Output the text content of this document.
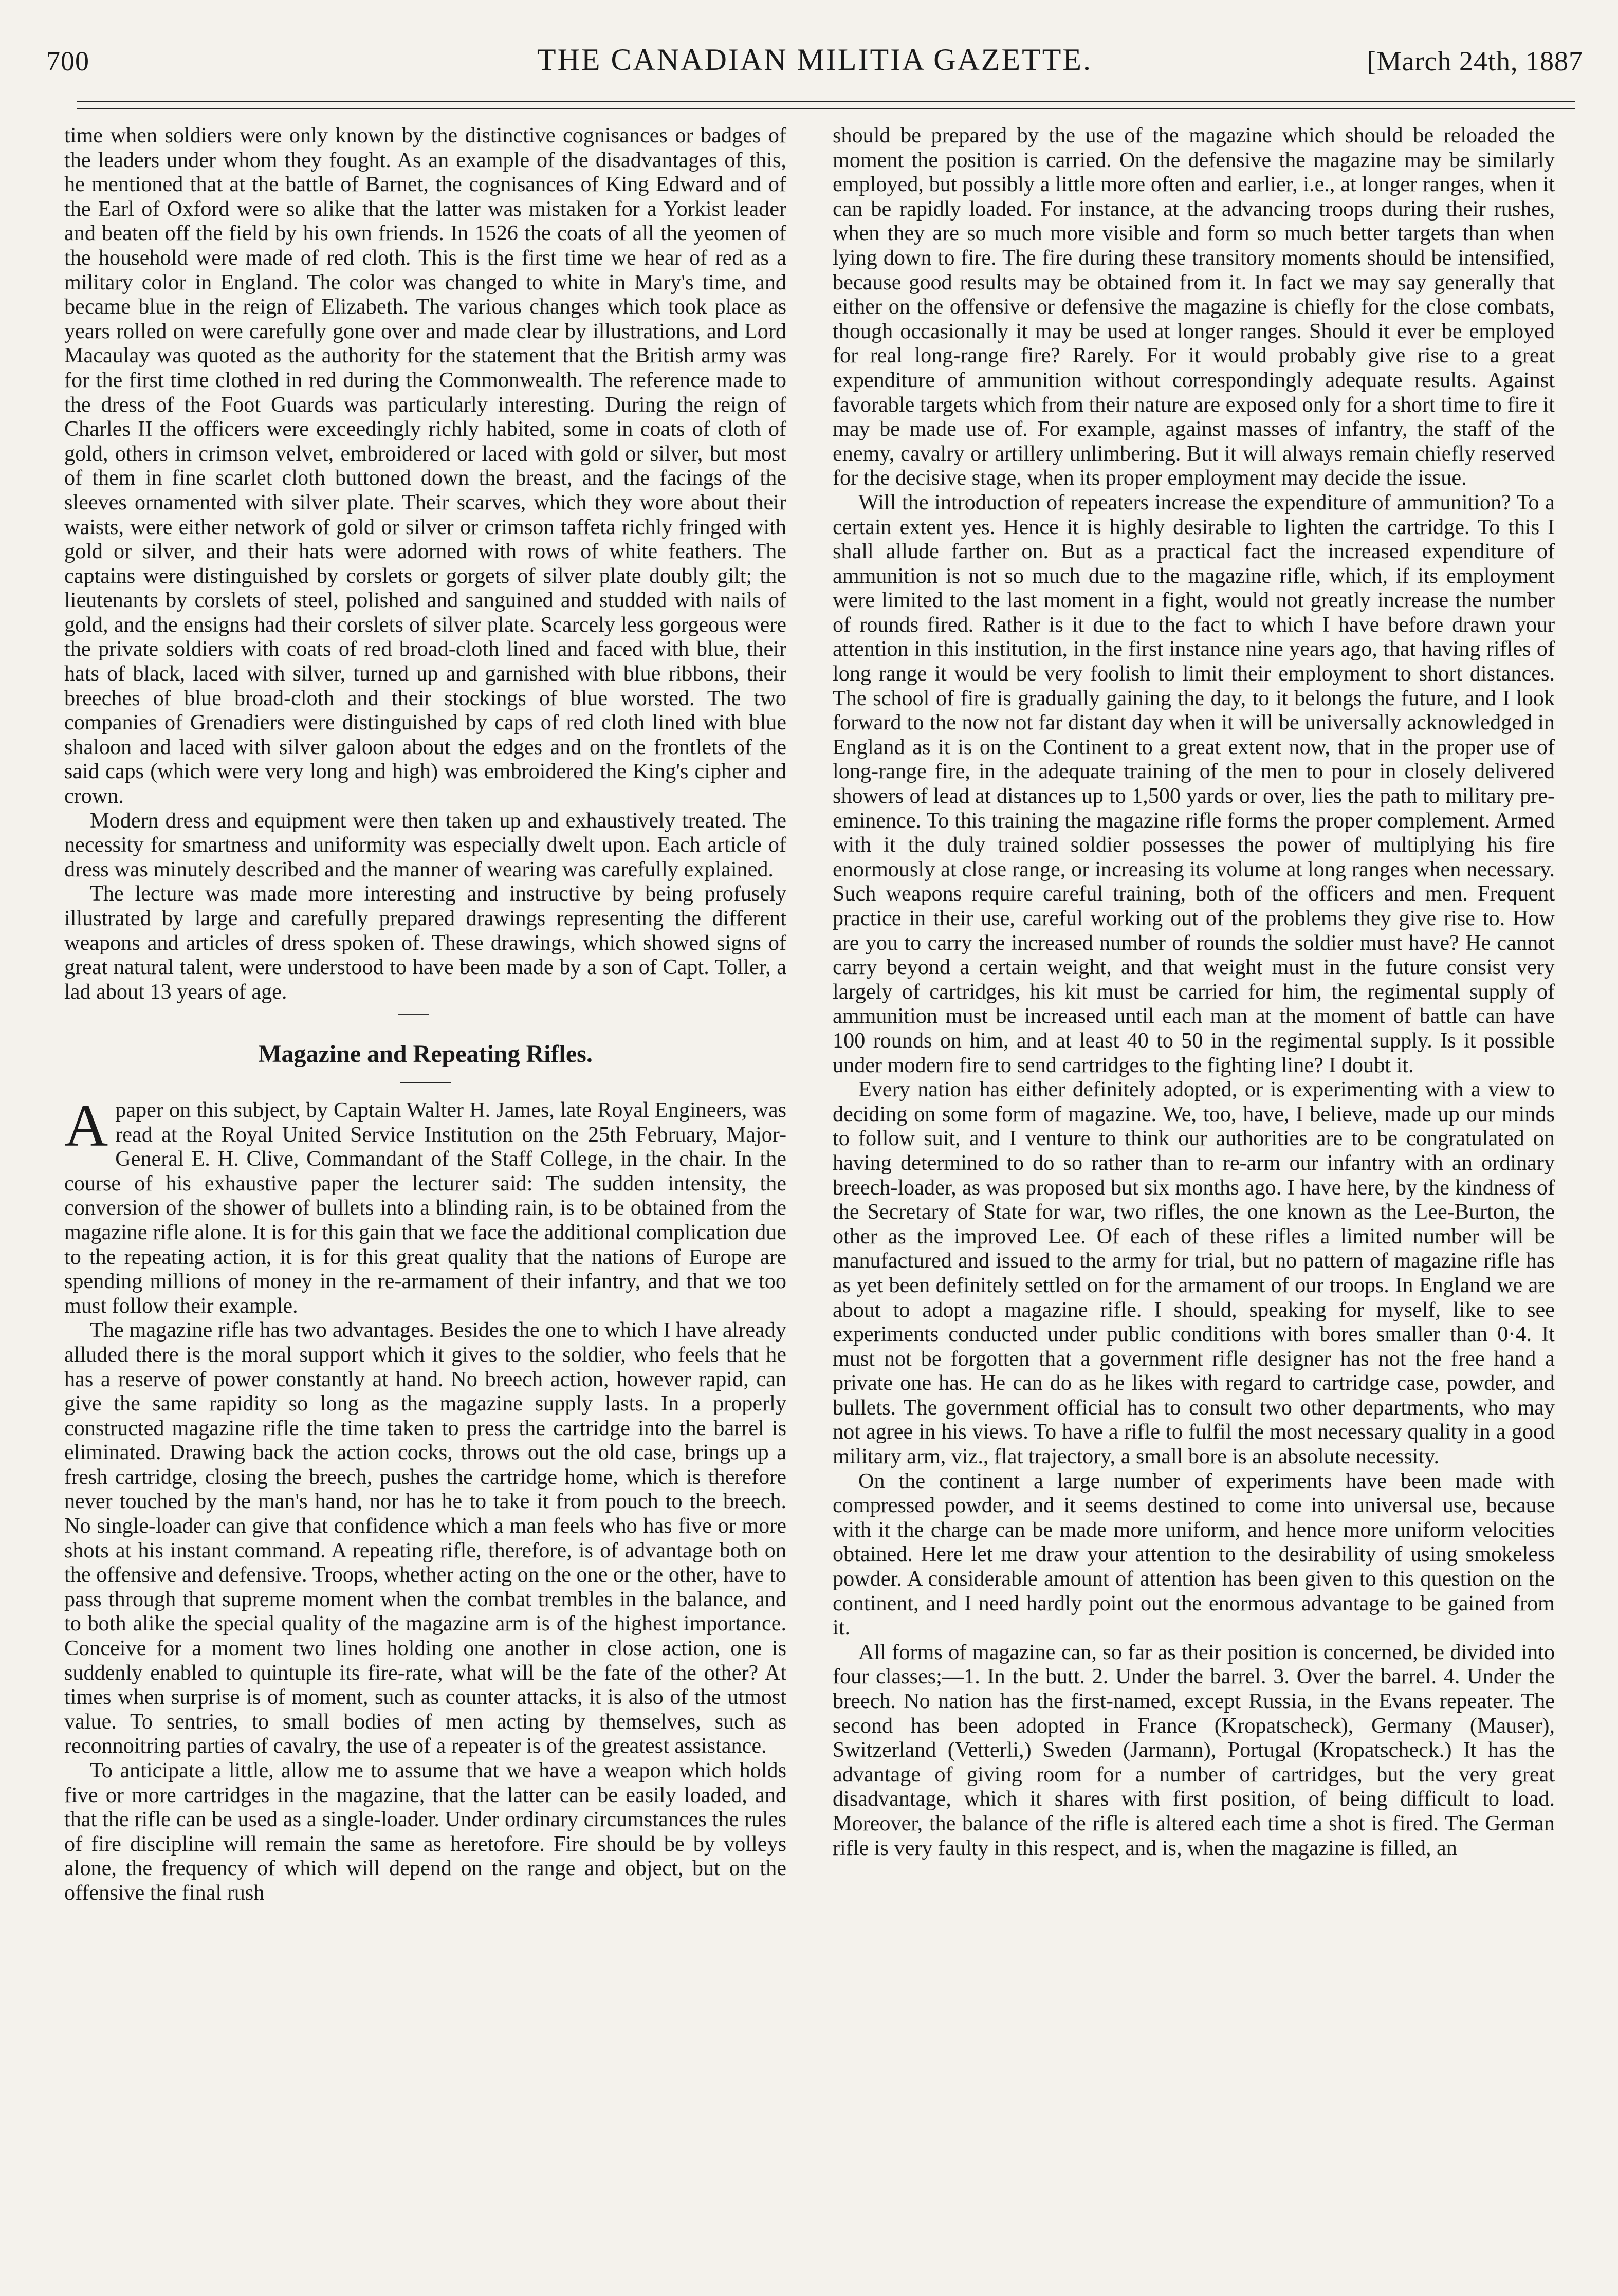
700	THE CANADIAN MILITIA GAZETTE.	[March 24th, 1887

time when soldiers were only known by the distinctive cognisances or badges of the leaders under whom they fought. As an example of the disadvantages of this, he mentioned that at the battle of Barnet, the cognisances of King Edward and of the Earl of Oxford were so alike that the latter was mistaken for a Yorkist leader and beaten off the field by his own friends. In 1526 the coats of all the yeomen of the household were made of red cloth. This is the first time we hear of red as a military color in England. The color was changed to white in Mary's time, and became blue in the reign of Elizabeth. The various changes which took place as years rolled on were carefully gone over and made clear by illustrations, and Lord Macaulay was quoted as the authority for the statement that the British army was for the first time clothed in red during the Commonwealth. The reference made to the dress of the Foot Guards was particularly interesting. During the reign of Charles II the officers were exceedingly richly habited, some in coats of cloth of gold, others in crimson velvet, embroidered or laced with gold or silver, but most of them in fine scarlet cloth buttoned down the breast, and the facings of the sleeves ornamented with silver plate. Their scarves, which they wore about their waists, were either network of gold or silver or crimson taffeta richly fringed with gold or silver, and their hats were adorned with rows of white feathers. The captains were distinguished by corslets or gorgets of silver plate doubly gilt; the lieutenants by corslets of steel, polished and sanguined and studded with nails of gold, and the ensigns had their corslets of silver plate. Scarcely less gorgeous were the private soldiers with coats of red broad-cloth lined and faced with blue, their hats of black, laced with silver, turned up and garnished with blue ribbons, their breeches of blue broad-cloth and their stockings of blue worsted. The two companies of Grenadiers were distinguished by caps of red cloth lined with blue shaloon and laced with silver galoon about the edges and on the frontlets of the said caps (which were very long and high) was embroidered the King's cipher and crown.

Modern dress and equipment were then taken up and exhaustively treated. The necessity for smartness and uniformity was especially dwelt upon. Each article of dress was minutely described and the manner of wearing was carefully explained.

The lecture was made more interesting and instructive by being profusely illustrated by large and carefully prepared drawings representing the different weapons and articles of dress spoken of. These drawings, which showed signs of great natural talent, were understood to have been made by a son of Capt. Toller, a lad about 13 years of age.

Magazine and Repeating Rifles.

Apaper on this subject, by Captain Walter H. James, late Royal Engineers, was read at the Royal United Service Institution on the 25th February, Major-General E. H. Clive, Commandant of the Staff College, in the chair. In the course of his exhaustive paper the lecturer said: The sudden intensity, the conversion of the shower of bullets into a blinding rain, is to be obtained from the magazine rifle alone. It is for this gain that we face the additional complication due to the repeating action, it is for this great quality that the nations of Europe are spending millions of money in the re-armament of their infantry, and that we too must follow their example.

The magazine rifle has two advantages. Besides the one to which I have already alluded there is the moral support which it gives to the soldier, who feels that he has a reserve of power constantly at hand. No breech action, however rapid, can give the same rapidity so long as the magazine supply lasts. In a properly constructed magazine rifle the time taken to press the cartridge into the barrel is eliminated. Drawing back the action cocks, throws out the old case, brings up a fresh cartridge, closing the breech, pushes the cartridge home, which is therefore never touched by the man's hand, nor has he to take it from pouch to the breech. No single-loader can give that confidence which a man feels who has five or more shots at his instant command. A repeating rifle, therefore, is of advantage both on the offensive and defensive. Troops, whether acting on the one or the other, have to pass through that supreme moment when the combat trembles in the balance, and to both alike the special quality of the magazine arm is of the highest importance. Conceive for a moment two lines holding one another in close action, one is suddenly enabled to quintuple its fire-rate, what will be the fate of the other? At times when surprise is of moment, such as counter attacks, it is also of the utmost value. To sentries, to small bodies of men acting by themselves, such as reconnoitring parties of cavalry, the use of a repeater is of the greatest assistance.

To anticipate a little, allow me to assume that we have a weapon which holds five or more cartridges in the magazine, that the latter can be easily loaded, and that the rifle can be used as a single-loader. Under ordinary circumstances the rules of fire discipline will remain the same as heretofore. Fire should be by volleys alone, the frequency of which will depend on the range and object, but on the offensive the final rush

should be prepared by the use of the magazine which should be reloaded the moment the position is carried. On the defensive the magazine may be similarly employed, but possibly a little more often and earlier, i.e., at longer ranges, when it can be rapidly loaded. For instance, at the advancing troops during their rushes, when they are so much more visible and form so much better targets than when lying down to fire. The fire during these transitory moments should be intensified, because good results may be obtained from it. In fact we may say generally that either on the offensive or defensive the magazine is chiefly for the close combats, though occasionally it may be used at longer ranges. Should it ever be employed for real long-range fire? Rarely. For it would probably give rise to a great expenditure of ammunition without correspondingly adequate results. Against favorable targets which from their nature are exposed only for a short time to fire it may be made use of. For example, against masses of infantry, the staff of the enemy, cavalry or artillery unlimbering. But it will always remain chiefly reserved for the decisive stage, when its proper employment may decide the issue.

Will the introduction of repeaters increase the expenditure of ammunition? To a certain extent yes. Hence it is highly desirable to lighten the cartridge. To this I shall allude farther on. But as a practical fact the increased expenditure of ammunition is not so much due to the magazine rifle, which, if its employment were limited to the last moment in a fight, would not greatly increase the number of rounds fired. Rather is it due to the fact to which I have before drawn your attention in this institution, in the first instance nine years ago, that having rifles of long range it would be very foolish to limit their employment to short distances. The school of fire is gradually gaining the day, to it belongs the future, and I look forward to the now not far distant day when it will be universally acknowledged in England as it is on the Continent to a great extent now, that in the proper use of long-range fire, in the adequate training of the men to pour in closely delivered showers of lead at distances up to 1,500 yards or over, lies the path to military pre-eminence. To this training the magazine rifle forms the proper complement. Armed with it the duly trained soldier possesses the power of multiplying his fire enormously at close range, or increasing its volume at long ranges when necessary. Such weapons require careful training, both of the officers and men. Frequent practice in their use, careful working out of the problems they give rise to. How are you to carry the increased number of rounds the soldier must have? He cannot carry beyond a certain weight, and that weight must in the future consist very largely of cartridges, his kit must be carried for him, the regimental supply of ammunition must be increased until each man at the moment of battle can have 100 rounds on him, and at least 40 to 50 in the regimental supply. Is it possible under modern fire to send cartridges to the fighting line? I doubt it.

Every nation has either definitely adopted, or is experimenting with a view to deciding on some form of magazine. We, too, have, I believe, made up our minds to follow suit, and I venture to think our authorities are to be congratulated on having determined to do so rather than to re-arm our infantry with an ordinary breech-loader, as was proposed but six months ago. I have here, by the kindness of the Secretary of State for war, two rifles, the one known as the Lee-Burton, the other as the improved Lee. Of each of these rifles a limited number will be manufactured and issued to the army for trial, but no pattern of magazine rifle has as yet been definitely settled on for the armament of our troops. In England we are about to adopt a magazine rifle. I should, speaking for myself, like to see experiments conducted under public conditions with bores smaller than 0·4. It must not be forgotten that a government rifle designer has not the free hand a private one has. He can do as he likes with regard to cartridge case, powder, and bullets. The government official has to consult two other departments, who may not agree in his views. To have a rifle to fulfil the most necessary quality in a good military arm, viz., flat trajectory, a small bore is an absolute necessity.

On the continent a large number of experiments have been made with compressed powder, and it seems destined to come into universal use, because with it the charge can be made more uniform, and hence more uniform velocities obtained. Here let me draw your attention to the desirability of using smokeless powder. A considerable amount of attention has been given to this question on the continent, and I need hardly point out the enormous advantage to be gained from it.

All forms of magazine can, so far as their position is concerned, be divided into four classes;—1. In the butt. 2. Under the barrel. 3. Over the barrel. 4. Under the breech. No nation has the first-named, except Russia, in the Evans repeater. The second has been adopted in France (Kropatscheck), Germany (Mauser), Switzerland (Vetterli,) Sweden (Jarmann), Portugal (Kropatscheck.) It has the advantage of giving room for a number of cartridges, but the very great disadvantage, which it shares with first position, of being difficult to load. Moreover, the balance of the rifle is altered each time a shot is fired. The German rifle is very faulty in this respect, and is, when the magazine is filled, an
